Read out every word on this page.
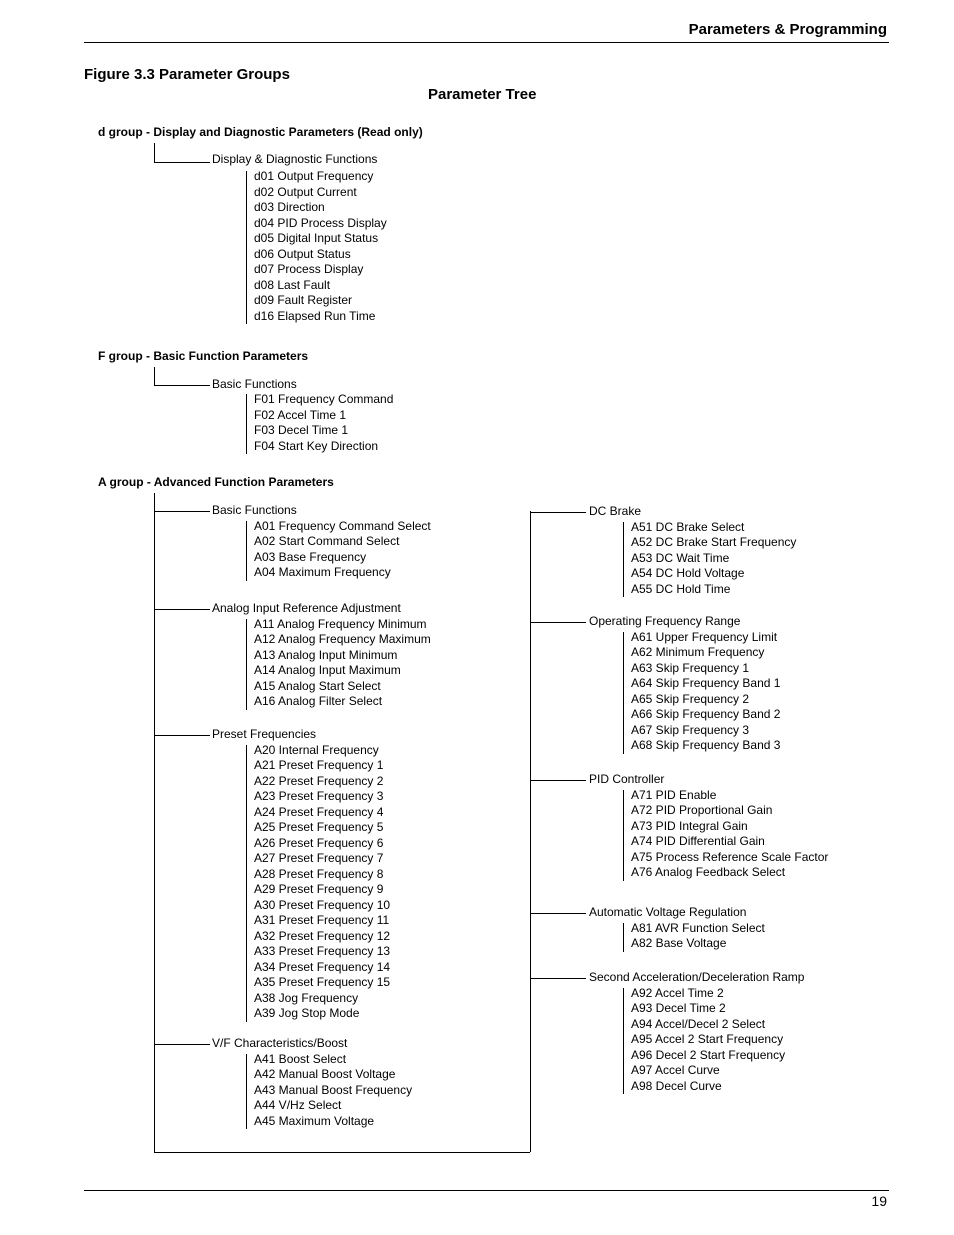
Parameters & Programming
Figure 3.3 Parameter Groups
Parameter Tree
d group - Display and Diagnostic Parameters (Read only)
Display & Diagnostic Functions
d01 Output Frequency
d02 Output Current
d03 Direction
d04 PID Process Display
d05 Digital Input Status
d06 Output Status
d07 Process Display
d08 Last Fault
d09 Fault Register
d16 Elapsed Run Time
F group - Basic Function Parameters
Basic Functions
F01 Frequency Command
F02 Accel Time 1
F03 Decel Time 1
F04 Start Key Direction
A group - Advanced Function Parameters
Basic Functions
A01 Frequency Command Select
A02 Start Command Select
A03 Base Frequency
A04 Maximum Frequency
Analog Input Reference Adjustment
A11 Analog Frequency Minimum
A12 Analog Frequency Maximum
A13 Analog Input Minimum
A14 Analog Input Maximum
A15 Analog Start Select
A16 Analog Filter Select
Preset Frequencies
A20 Internal Frequency
A21 Preset Frequency 1
A22 Preset Frequency 2
A23 Preset Frequency 3
A24 Preset Frequency 4
A25 Preset Frequency 5
A26 Preset Frequency 6
A27 Preset Frequency 7
A28 Preset Frequency 8
A29 Preset Frequency 9
A30 Preset Frequency 10
A31 Preset Frequency 11
A32 Preset Frequency 12
A33 Preset Frequency 13
A34 Preset Frequency 14
A35 Preset Frequency 15
A38 Jog Frequency
A39 Jog Stop Mode
V/F Characteristics/Boost
A41 Boost Select
A42 Manual Boost Voltage
A43 Manual Boost Frequency
A44 V/Hz Select
A45 Maximum Voltage
DC Brake
A51 DC Brake Select
A52 DC Brake Start Frequency
A53 DC Wait Time
A54 DC Hold Voltage
A55 DC Hold Time
Operating Frequency Range
A61 Upper Frequency Limit
A62 Minimum Frequency
A63 Skip Frequency 1
A64 Skip Frequency Band 1
A65 Skip Frequency 2
A66 Skip Frequency Band 2
A67 Skip Frequency 3
A68 Skip Frequency Band 3
PID Controller
A71 PID Enable
A72 PID Proportional Gain
A73 PID Integral Gain
A74 PID Differential Gain
A75 Process Reference Scale Factor
A76 Analog Feedback Select
Automatic Voltage Regulation
A81 AVR Function Select
A82 Base Voltage
Second Acceleration/Deceleration Ramp
A92 Accel Time 2
A93 Decel Time 2
A94 Accel/Decel 2 Select
A95 Accel 2 Start Frequency
A96 Decel 2 Start Frequency
A97 Accel Curve
A98 Decel Curve
19
